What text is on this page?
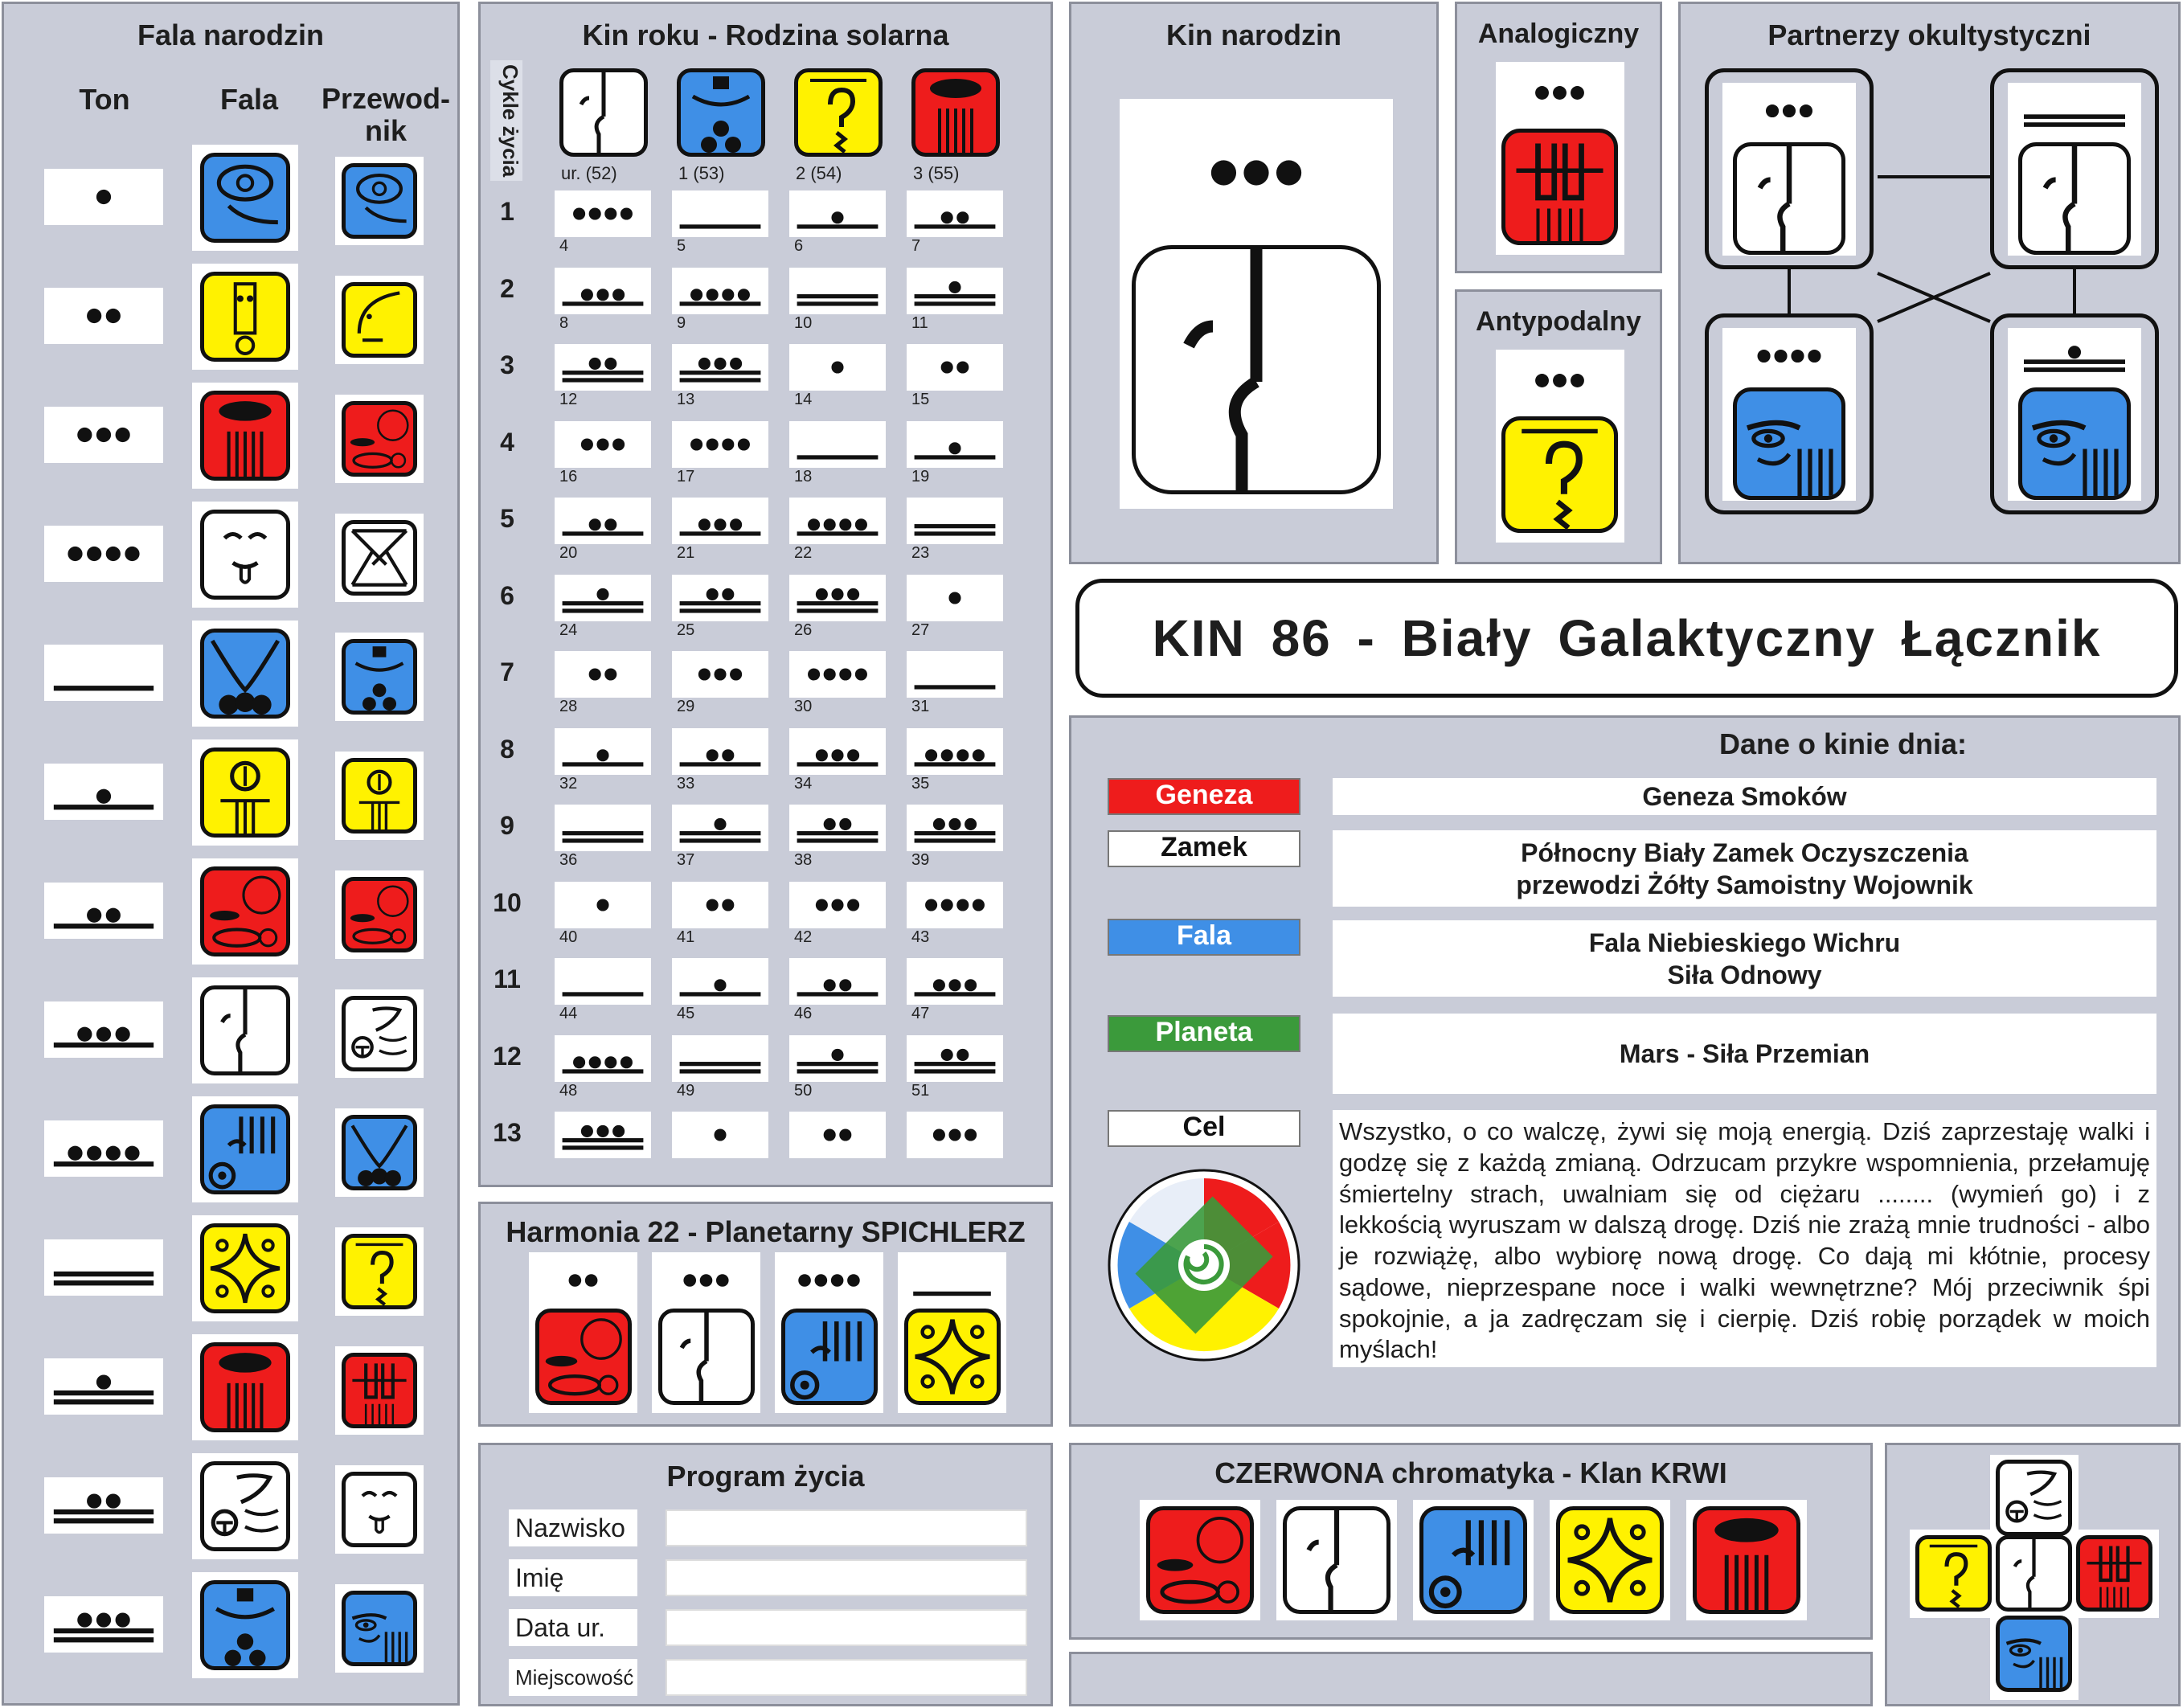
Fala narodzin
Ton	Fala	Przewod-
nik
Kin roku - Rodzina solarna
Cykle życia ur. (52)	1 (53)	2 (54)	3 (55)
1
4	5	6	7
2
8	9	10	11
3
12	13	14	15
4
16	17	18	19
5
20	21	22	23
6
24	25	26	27
7
28	29	30	31
8
32	33	34	35
9
36	37	38	39
10
40	41	42	43
11
44	45	46	47
12
48	49	50	51
13
Harmonia 22 - Planetarny SPICHLERZ
Program życia
Nazwisko
Imię
Data ur.
Miejscowość
Kin narodzin	Analogiczny
Antypodalny
Partnerzy okultystyczni
KIN 86 - Biały Galaktyczny Łącznik
Dane o kinie dnia:
Geneza	Geneza Smoków
Zamek	Północny Biały Zamek Oczyszczenia
przewodzi Żółty Samoistny Wojownik
Fala	Fala Niebieskiego Wichru
Siła Odnowy
Planeta
Mars - Siła Przemian
Cel	Wszystko, o co walczę, żywi się moją energią. Dziś zaprzestaję walki i godzę się z każdą zmianą. Odrzucam przykre wspomnienia, przełamuję śmiertelny strach, uwalniam się od ciężaru ........ (wymień go) i z lekkością wyruszam w dalszą drogę. Dziś nie zrażą mnie trudności - albo je rozwiążę, albo wybiorę nową drogę. Co dają mi kłótnie, procesy sądowe, nieprzespane noce i walki wewnętrzne? Mój przeciwnik śpi spokojnie, a ja zadręczam się i cierpię. Dziś robię porządek w moich myślach!
CZERWONA chromatyka - Klan KRWI
